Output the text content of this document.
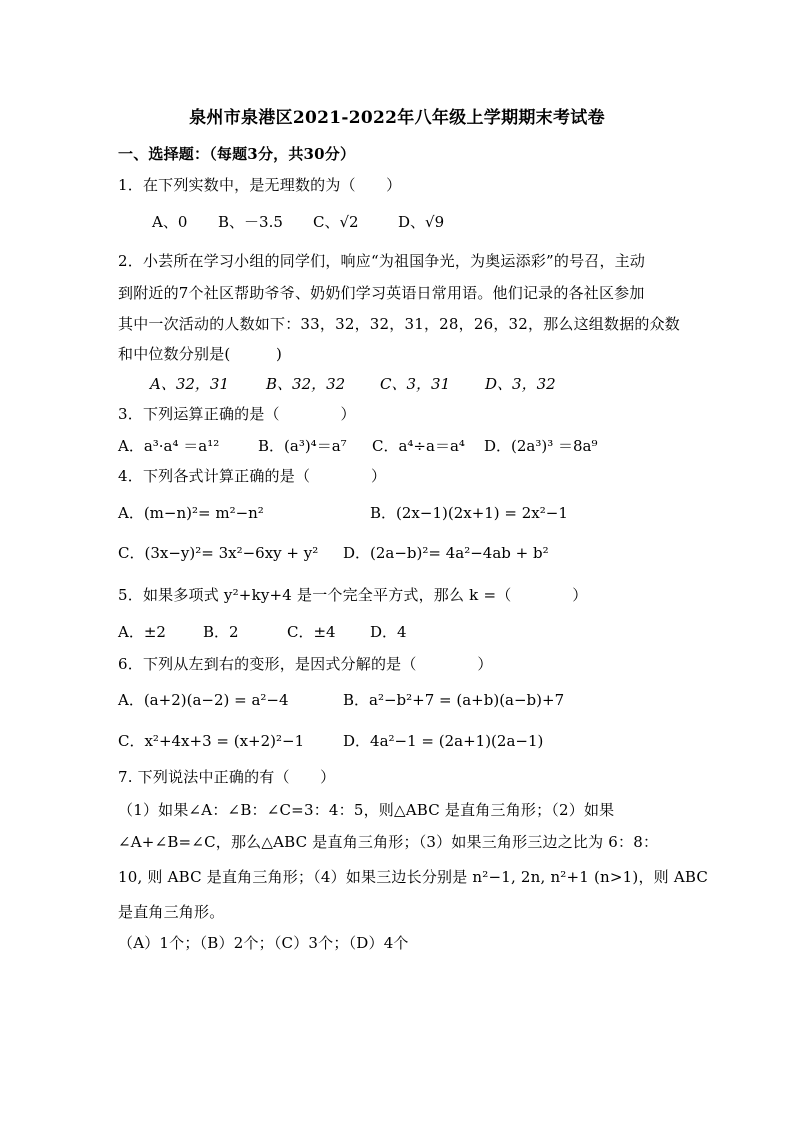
泉州市泉港区2021-2022年八年级上学期期末考试卷
一、选择题：（每题3分，共30分）
1．在下列实数中，是无理数的为（　　）
A、0 B、－3.5 C、√2	D、√9
2．小芸所在学习小组的同学们，响应“为祖国争光，为奥运添彩”的号召，主动
到附近的7个社区帮助爷爷、奶奶们学习英语日常用语。他们记录的各社区参加
其中一次活动的人数如下：33，32，32，31，28，26，32，那么这组数据的众数
和中位数分别是(　　　)
A、32，31 B、32，32 C、3，31 D、3，32
3．下列运算正确的是（　　　　）
A．a³·a⁴ ＝a¹²	B．(a³)⁴＝a⁷ C．a⁴÷a＝a⁴ D．(2a³)³ ＝8a⁹
4．下列各式计算正确的是（　　　　）
A．(m−n)²= m²−n²	B．(2x−1)(2x+1) = 2x²−1
C．(3x−y)²= 3x²−6xy + y² D．(2a−b)²= 4a²−4ab + b²
5．如果多项式 y²+ky+4 是一个完全平方式，那么 k =（　　　　）
A．±2 B．2	C．±4 D．4
6．下列从左到右的变形，是因式分解的是（　　　　）
A．(a+2)(a−2) = a²−4	B．a²−b²+7 = (a+b)(a−b)+7
C．x²+4x+3 = (x+2)²−1	D．4a²−1 = (2a+1)(2a−1)
7. 下列说法中正确的有（　　）
（1）如果∠A：∠B：∠C=3：4：5，则△ABC 是直角三角形；（2）如果
∠A+∠B=∠C，那么△ABC 是直角三角形；（3）如果三角形三边之比为 6：8：
10, 则 ABC 是直角三角形；（4）如果三边长分别是 n²−1, 2n, n²+1 (n>1)，则 ABC
是直角三角形。
（A）1个；（B）2个；（C）3个；（D）4个
